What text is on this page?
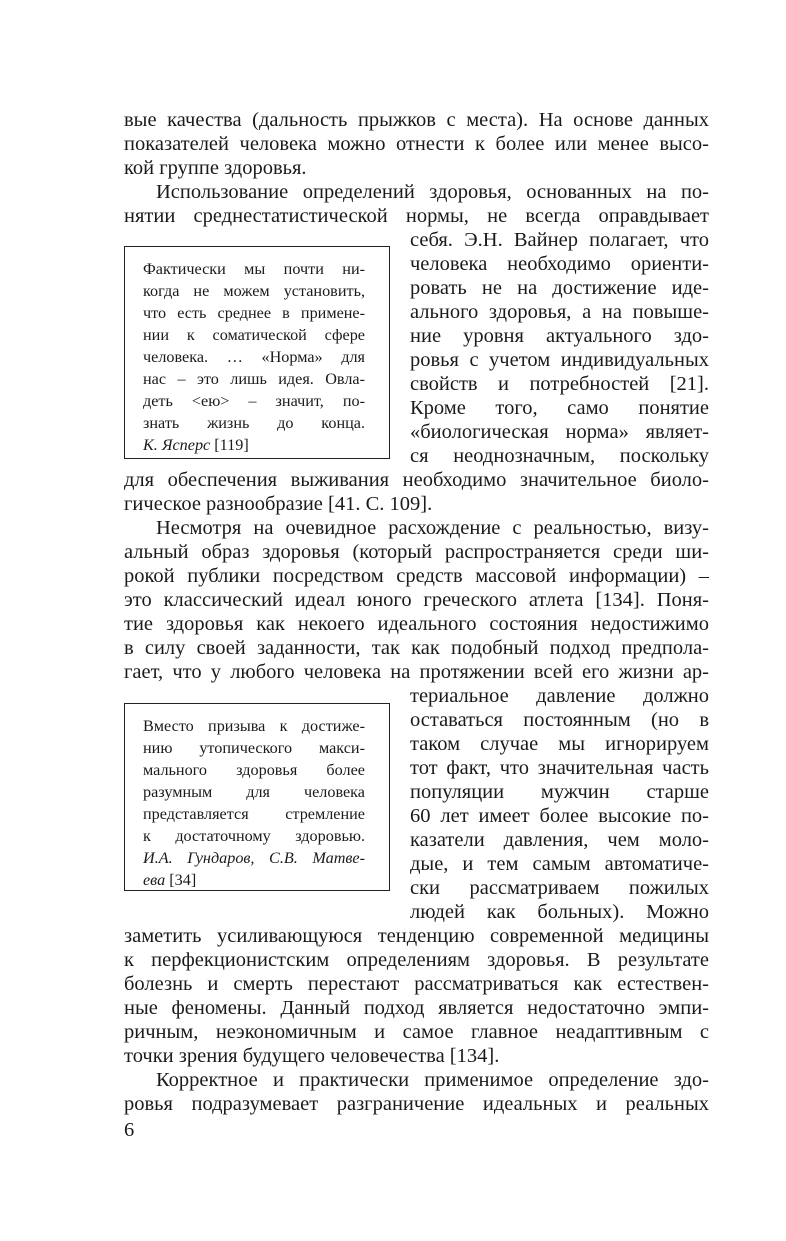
вые качества (дальность прыжков с места). На основе данных
показателей человека можно отнести к более или менее высо-
кой группе здоровья.
Использование определений здоровья, основанных на по-
нятии среднестатистической нормы, не всегда оправдывает
себя. Э.Н. Вайнер полагает, что
человека необходимо ориенти-
ровать не на достижение иде-
ального здоровья, а на повыше-
ние уровня актуального здо-
ровья с учетом индивидуальных
свойств и потребностей [21].
Кроме того, само понятие
«биологическая норма» являет-
ся неоднозначным, поскольку
Фактически мы почти ни-
когда не можем установить,
что есть среднее в примене-
нии к соматической сфере
человека. … «Норма» для
нас – это лишь идея. Овла-
деть <ею> – значит, по-
знать жизнь до конца.
К. Ясперс [119]
для обеспечения выживания необходимо значительное биоло-
гическое разнообразие [41. С. 109].
Несмотря на очевидное расхождение с реальностью, визу-
альный образ здоровья (который распространяется среди ши-
рокой публики посредством средств массовой информации) –
это классический идеал юного греческого атлета [134]. Поня-
тие здоровья как некоего идеального состояния недостижимо
в силу своей заданности, так как подобный подход предпола-
гает, что у любого человека на протяжении всей его жизни ар-
териальное давление должно
оставаться постоянным (но в
таком случае мы игнорируем
тот факт, что значительная часть
популяции мужчин старше
60 лет имеет более высокие по-
казатели давления, чем моло-
дые, и тем самым автоматиче-
ски рассматриваем пожилых
людей как больных). Можно
Вместо призыва к достиже-
нию утопического макси-
мального здоровья более
разумным для человека
представляется стремление
к достаточному здоровью.
И.А. Гундаров, С.В. Матве-
ева [34]
заметить усиливающуюся тенденцию современной медицины
к перфекционистским определениям здоровья. В результате
болезнь и смерть перестают рассматриваться как естествен-
ные феномены. Данный подход является недостаточно эмпи-
ричным, неэкономичным и самое главное неадаптивным с
точки зрения будущего человечества [134].
Корректное и практически применимое определение здо-
ровья подразумевает разграничение идеальных и реальных
6
